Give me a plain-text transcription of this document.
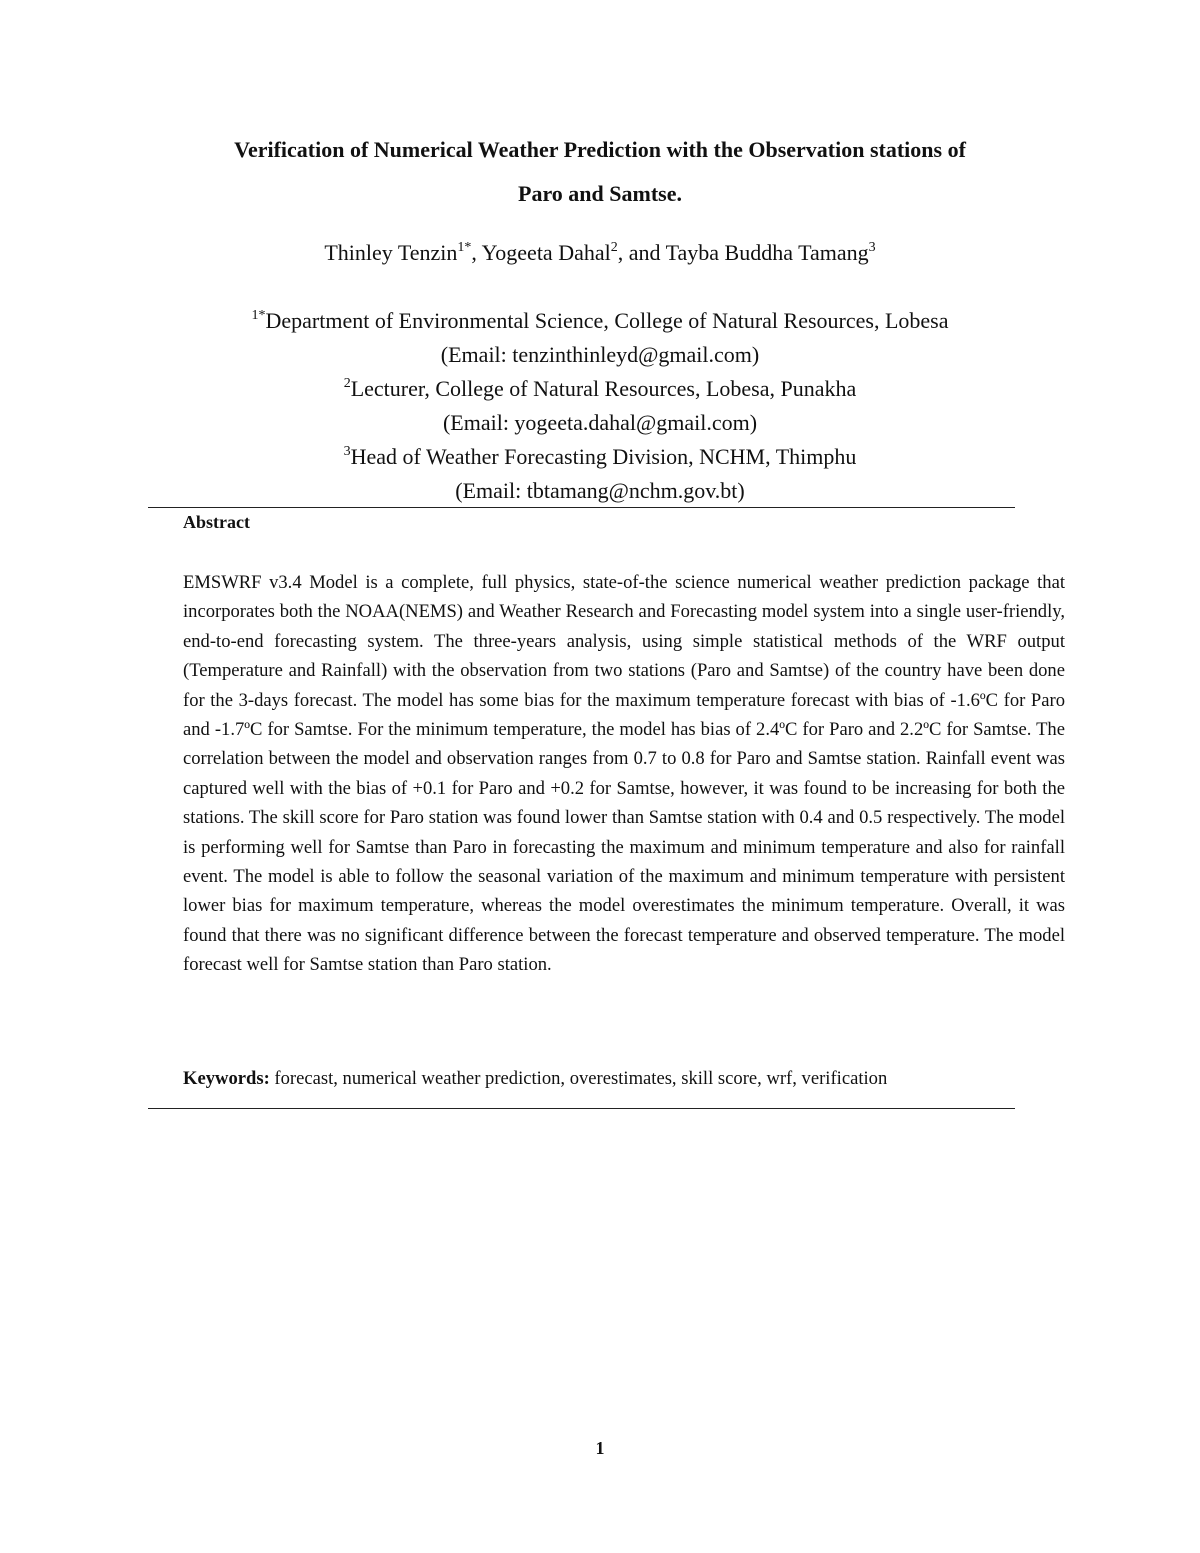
Verification of Numerical Weather Prediction with the Observation stations of
Paro and Samtse.
Thinley Tenzin$^{1*}$, Yogeeta Dahal$^2$, and Tayba Buddha Tamang$^3$
$^{1*}$Department of Environmental Science, College of Natural Resources, Lobesa
(Email: tenzinthinleyd@gmail.com)
$^2$Lecturer, College of Natural Resources, Lobesa, Punakha
(Email: yogeeta.dahal@gmail.com)
$^3$Head of Weather Forecasting Division, NCHM, Thimphu
(Email: tbtamang@nchm.gov.bt)
Abstract
EMSWRF v3.4 Model is a complete, full physics, state-of-the science numerical weather prediction package that incorporates both the NOAA(NEMS) and Weather Research and Forecasting model system into a single user-friendly, end-to-end forecasting system. The three-years analysis, using simple statistical methods of the WRF output (Temperature and Rainfall) with the observation from two stations (Paro and Samtse) of the country have been done for the 3-days forecast. The model has some bias for the maximum temperature forecast with bias of -1.6ºC for Paro and -1.7ºC for Samtse. For the minimum temperature, the model has bias of 2.4ºC for Paro and 2.2ºC for Samtse. The correlation between the model and observation ranges from 0.7 to 0.8 for Paro and Samtse station. Rainfall event was captured well with the bias of +0.1 for Paro and +0.2 for Samtse, however, it was found to be increasing for both the stations. The skill score for Paro station was found lower than Samtse station with 0.4 and 0.5 respectively. The model is performing well for Samtse than Paro in forecasting the maximum and minimum temperature and also for rainfall event. The model is able to follow the seasonal variation of the maximum and minimum temperature with persistent lower bias for maximum temperature, whereas the model overestimates the minimum temperature. Overall, it was found that there was no significant difference between the forecast temperature and observed temperature. The model forecast well for Samtse station than Paro station.
Keywords: forecast, numerical weather prediction, overestimates, skill score, wrf, verification
1
